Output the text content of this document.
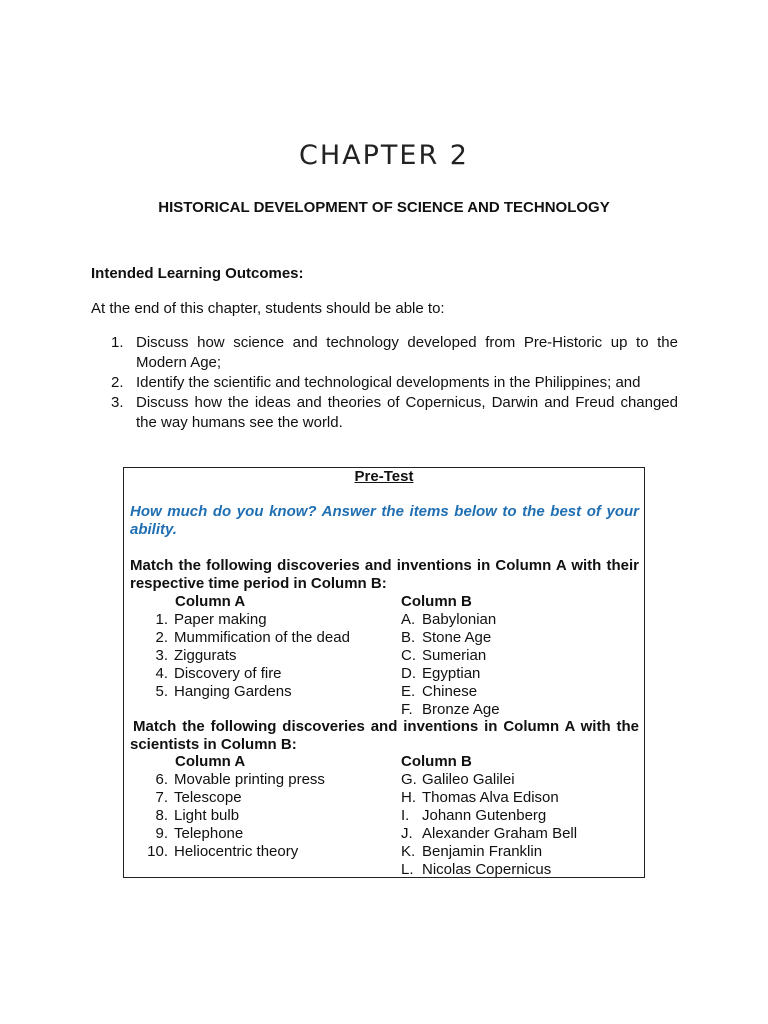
CHAPTER 2
HISTORICAL DEVELOPMENT OF SCIENCE AND TECHNOLOGY
Intended Learning Outcomes:
At the end of this chapter, students should be able to:
1. Discuss how science and technology developed from Pre-Historic up to the Modern Age;
2. Identify the scientific and technological developments in the Philippines; and
3. Discuss how the ideas and theories of Copernicus, Darwin and Freud changed the way humans see the world.
Pre-Test
How much do you know? Answer the items below to the best of your ability.
Match the following discoveries and inventions in Column A with their respective time period in Column B:
Column A	Column B
1. Paper making
2. Mummification of the dead
3. Ziggurats
4. Discovery of fire
5. Hanging Gardens
A. Babylonian
B. Stone Age
C. Sumerian
D. Egyptian
E. Chinese
F. Bronze Age
Match the following discoveries and inventions in Column A with the scientists in Column B:
Column A	Column B
6. Movable printing press
7. Telescope
8. Light bulb
9. Telephone
10. Heliocentric theory
G. Galileo Galilei
H. Thomas Alva Edison
I. Johann Gutenberg
J. Alexander Graham Bell
K. Benjamin Franklin
L. Nicolas Copernicus
